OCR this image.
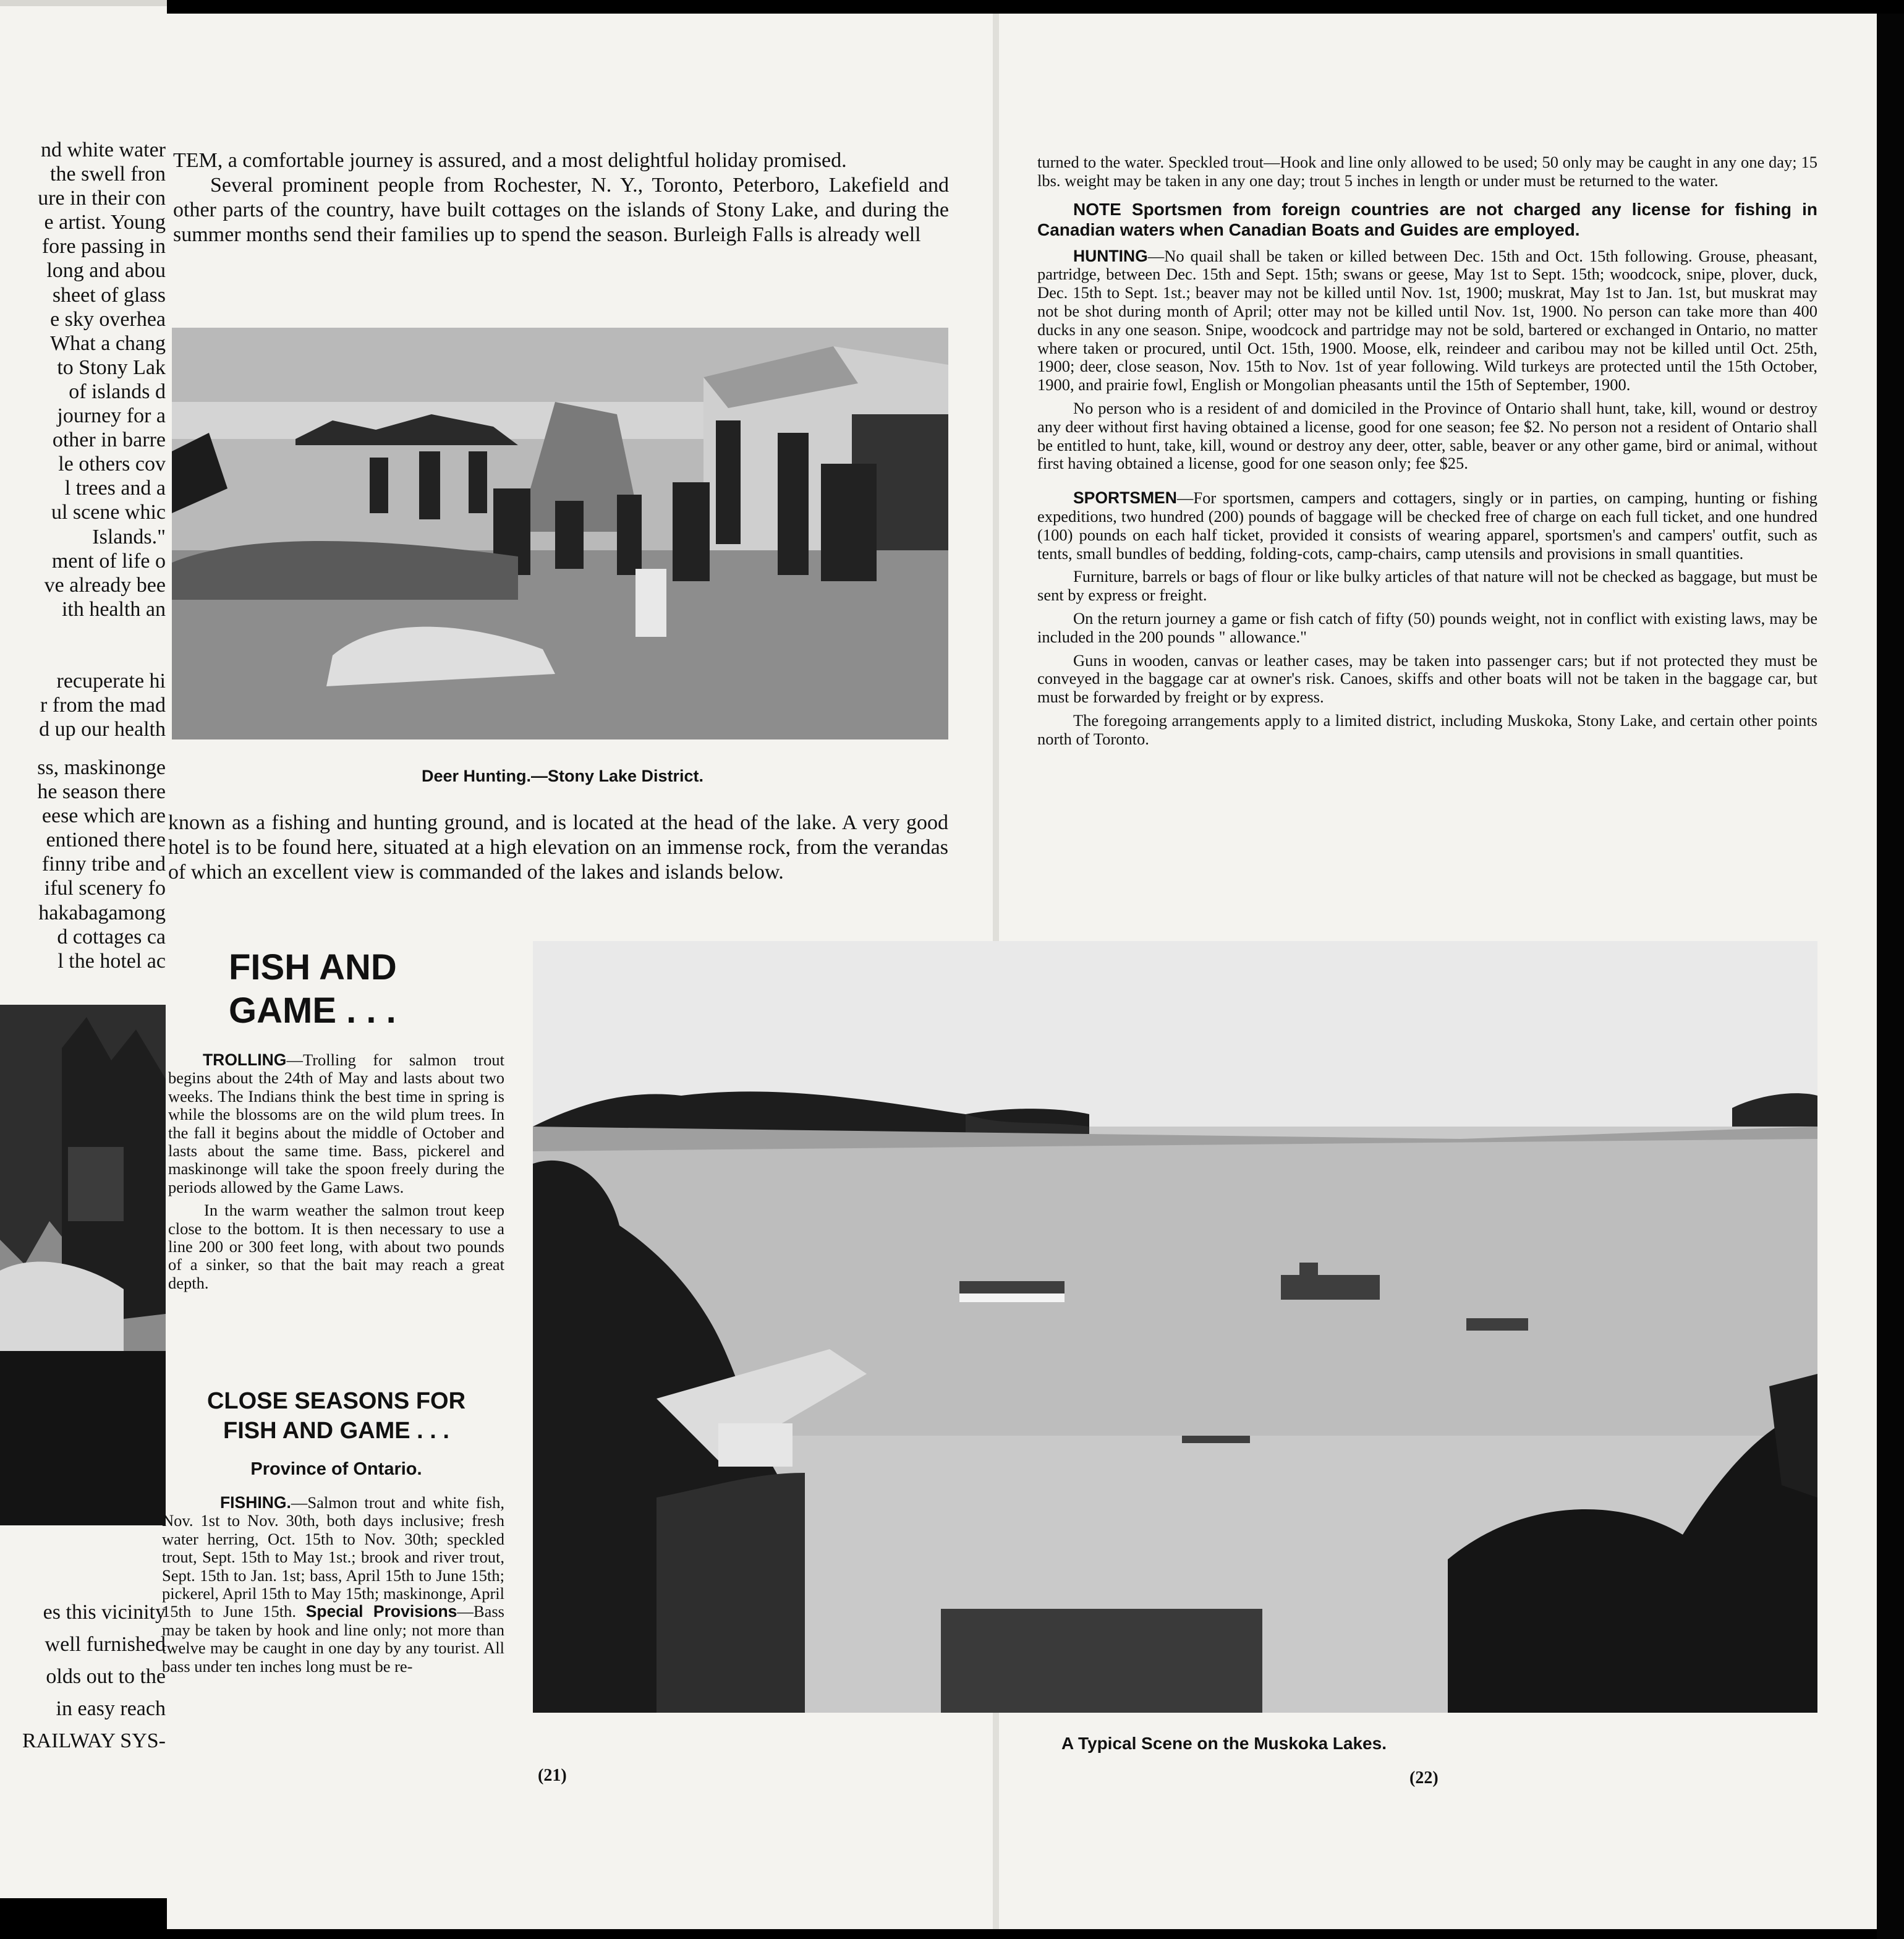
nd white water
the swell fron
ure in their con
e artist. Young
fore passing in
long and abou
sheet of glass
e sky overhea
What a chang
to Stony Lak
of islands d
journey for a
other in barre
le others cov
l trees and a
ul scene whic
Islands."
ment of life o
ve already bee
ith health an
recuperate hi
r from the mad
d up our health
ss, maskinonge
he season there
eese which are
entioned there
finny tribe and
iful scenery fo
hakabagamong
d cottages ca
l the hotel ac
es this vicinity
well furnished
olds out to the
in easy reach
RAILWAY SYS-

TEM, a comfortable journey is assured, and a most delightful holiday promised.

Several prominent people from Rochester, N. Y., Toronto, Peterboro, Lakefield and other parts of the country, have built cottages on the islands of Stony Lake, and during the summer months send their families up to spend the season. Burleigh Falls is already well

Deer Hunting.—Stony Lake District.

known as a fishing and hunting ground, and is located at the head of the lake. A very good hotel is to be found here, situated at a high elevation on an immense rock, from the verandas of which an excellent view is commanded of the lakes and islands below.

FISH AND
GAME . . .

TROLLING—Trolling for salmon trout begins about the 24th of May and lasts about two weeks. The Indians think the best time in spring is while the blossoms are on the wild plum trees. In the fall it begins about the middle of October and lasts about the same time. Bass, pickerel and maskinonge will take the spoon freely during the periods allowed by the Game Laws.

In the warm weather the salmon trout keep close to the bottom. It is then necessary to use a line 200 or 300 feet long, with about two pounds of a sinker, so that the bait may reach a great depth.

CLOSE SEASONS FOR
FISH AND GAME . . .
Province of Ontario.

FISHING.—Salmon trout and white fish, Nov. 1st to Nov. 30th, both days inclusive; fresh water herring, Oct. 15th to Nov. 30th; speckled trout, Sept. 15th to May 1st.; brook and river trout, Sept. 15th to Jan. 1st; bass, April 15th to June 15th; pickerel, April 15th to May 15th; maskinonge, April 15th to June 15th. Special Provisions—Bass may be taken by hook and line only; not more than twelve may be caught in one day by any tourist. All bass under ten inches long must be re-

(21)

turned to the water. Speckled trout—Hook and line only allowed to be used; 50 only may be caught in any one day; 15 lbs. weight may be taken in any one day; trout 5 inches in length or under must be returned to the water.

NOTE Sportsmen from foreign countries are not charged any license for fishing in Canadian waters when Canadian Boats and Guides are employed.

HUNTING—No quail shall be taken or killed between Dec. 15th and Oct. 15th following. Grouse, pheasant, partridge, between Dec. 15th and Sept. 15th; swans or geese, May 1st to Sept. 15th; woodcock, snipe, plover, duck, Dec. 15th to Sept. 1st.; beaver may not be killed until Nov. 1st, 1900; muskrat, May 1st to Jan. 1st, but muskrat may not be shot during month of April; otter may not be killed until Nov. 1st, 1900. No person can take more than 400 ducks in any one season. Snipe, woodcock and partridge may not be sold, bartered or exchanged in Ontario, no matter where taken or procured, until Oct. 15th, 1900. Moose, elk, reindeer and caribou may not be killed until Oct. 25th, 1900; deer, close season, Nov. 15th to Nov. 1st of year following. Wild turkeys are protected until the 15th October, 1900, and prairie fowl, English or Mongolian pheasants until the 15th of September, 1900.

No person who is a resident of and domiciled in the Province of Ontario shall hunt, take, kill, wound or destroy any deer without first having obtained a license, good for one season; fee $2. No person not a resident of Ontario shall be entitled to hunt, take, kill, wound or destroy any deer, otter, sable, beaver or any other game, bird or animal, without first having obtained a license, good for one season only; fee $25.

SPORTSMEN—For sportsmen, campers and cottagers, singly or in parties, on camping, hunting or fishing expeditions, two hundred (200) pounds of baggage will be checked free of charge on each full ticket, and one hundred (100) pounds on each half ticket, provided it consists of wearing apparel, sportsmen's and campers' outfit, such as tents, small bundles of bedding, folding-cots, camp-chairs, camp utensils and provisions in small quantities.

Furniture, barrels or bags of flour or like bulky articles of that nature will not be checked as baggage, but must be sent by express or freight.

On the return journey a game or fish catch of fifty (50) pounds weight, not in conflict with existing laws, may be included in the 200 pounds " allowance."

Guns in wooden, canvas or leather cases, may be taken into passenger cars; but if not protected they must be conveyed in the baggage car at owner's risk. Canoes, skiffs and other boats will not be taken in the baggage car, but must be forwarded by freight or by express.

The foregoing arrangements apply to a limited district, including Muskoka, Stony Lake, and certain other points north of Toronto.

A Typical Scene on the Muskoka Lakes.
(22)
